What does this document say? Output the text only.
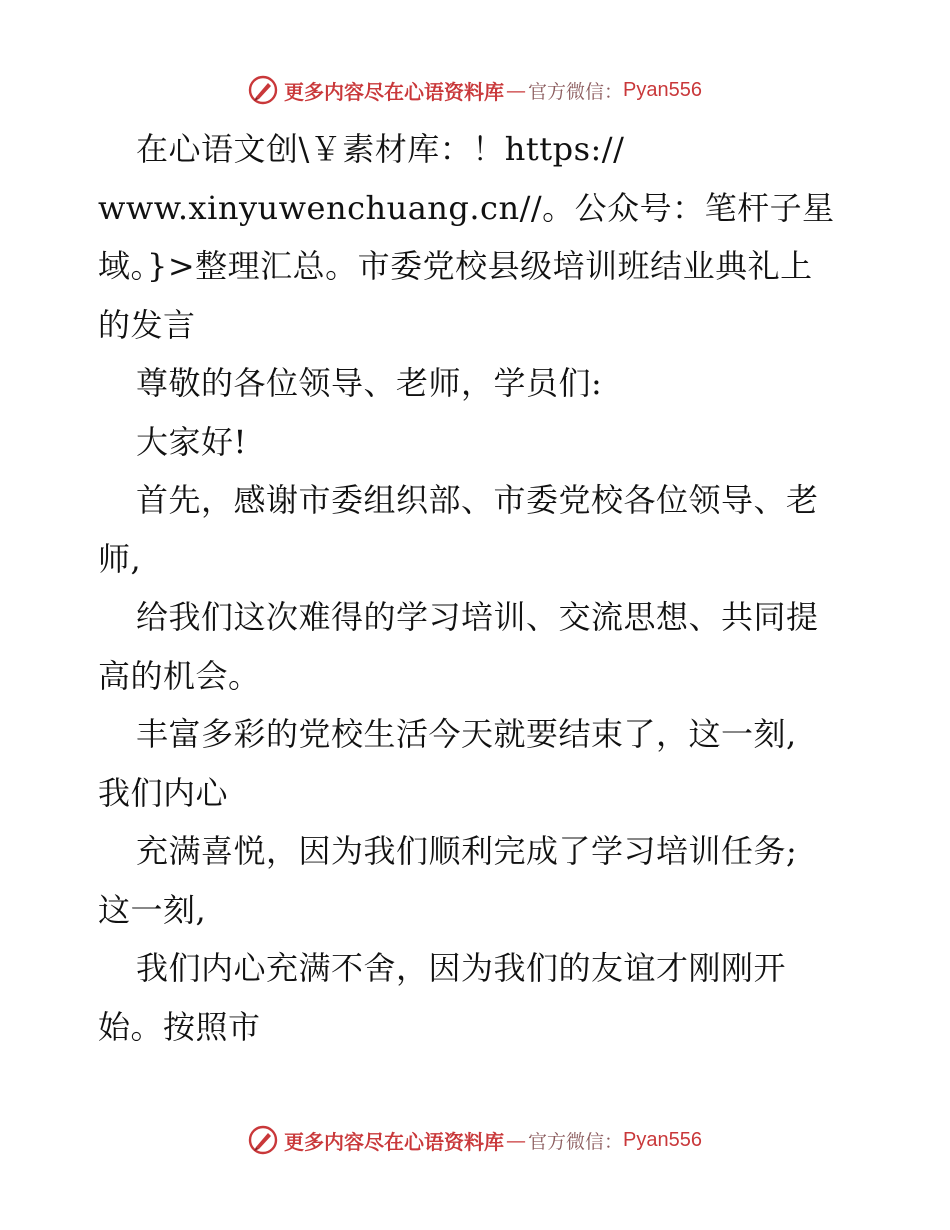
更多内容尽在心语资料库 — 官方微信： Pyan556
在心语文创\￥素材库：！https://
www.xinyuwenchuang.cn//。公众号：笔杆子星
域。}>整理汇总。市委党校县级培训班结业典礼上
的发言
尊敬的各位领导、老师，学员们:
大家好!
首先，感谢市委组织部、市委党校各位领导、老
师,
给我们这次难得的学习培训、交流思想、共同提
高的机会。
丰富多彩的党校生活今天就要结束了，这一刻,
我们内心
充满喜悦，因为我们顺利完成了学习培训任务;
这一刻,
我们内心充满不舍，因为我们的友谊才刚刚开
始。按照市
更多内容尽在心语资料库 — 官方微信： Pyan556
